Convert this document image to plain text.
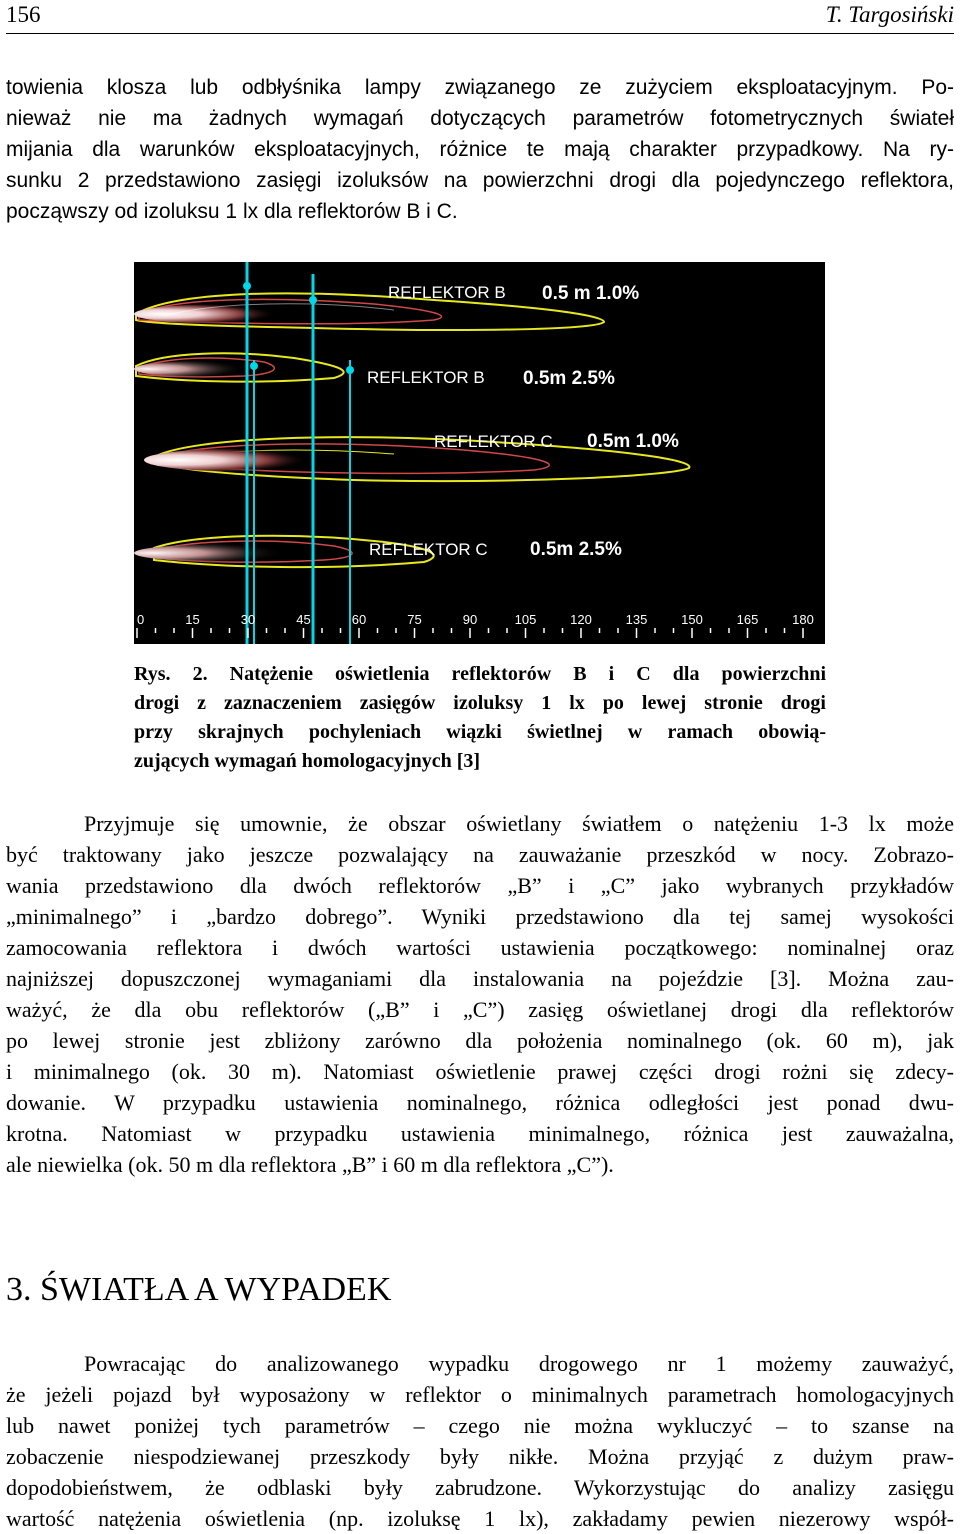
156	T. Targosiński
towienia klosza lub odbłyśnika lampy związanego ze zużyciem eksploatacyjnym. Po-
nieważ nie ma żadnych wymagań dotyczących parametrów fotometrycznych świateł
mijania dla warunków eksploatacyjnych, różnice te mają charakter przypadkowy. Na ry-
sunku 2 przedstawiono zasięgi izoluksów na powierzchni drogi dla pojedynczego reflektora,
począwszy od izoluksu 1 lx dla reflektorów B i C.
REFLEKTOR B 0.5 m 1.0%
REFLEKTOR B 0.5m 2.5%
REFLEKTOR C 0.5m 1.0%
REFLEKTOR C 0.5m 2.5%
0	15	30	45	60	75	90	105	120	135	150	165	180
Rys. 2. Natężenie oświetlenia reflektorów B i C dla powierzchni
drogi z zaznaczeniem zasięgów izoluksy 1 lx po lewej stronie drogi
przy skrajnych pochyleniach wiązki świetlnej w ramach obowią-
zujących wymagań homologacyjnych [3]
Przyjmuje się umownie, że obszar oświetlany światłem o natężeniu 1-3 lx może
być traktowany jako jeszcze pozwalający na zauważanie przeszkód w nocy. Zobrazo-
wania przedstawiono dla dwóch reflektorów „B” i „C” jako wybranych przykładów
„minimalnego” i „bardzo dobrego”. Wyniki przedstawiono dla tej samej wysokości
zamocowania reflektora i dwóch wartości ustawienia początkowego: nominalnej oraz
najniższej dopuszczonej wymaganiami dla instalowania na pojeździe [3]. Można zau-
ważyć, że dla obu reflektorów („B” i „C”) zasięg oświetlanej drogi dla reflektorów
po lewej stronie jest zbliżony zarówno dla położenia nominalnego (ok. 60 m), jak
i minimalnego (ok. 30 m). Natomiast oświetlenie prawej części drogi rożni się zdecy-
dowanie. W przypadku ustawienia nominalnego, różnica odległości jest ponad dwu-
krotna. Natomiast w przypadku ustawienia minimalnego, różnica jest zauważalna,
ale niewielka (ok. 50 m dla reflektora „B” i 60 m dla reflektora „C”).
3. ŚWIATŁA A WYPADEK
Powracając do analizowanego wypadku drogowego nr 1 możemy zauważyć,
że jeżeli pojazd był wyposażony w reflektor o minimalnych parametrach homologacyjnych
lub nawet poniżej tych parametrów – czego nie można wykluczyć – to szanse na
zobaczenie niespodziewanej przeszkody były nikłe. Można przyjąć z dużym praw-
dopodobieństwem, że odblaski były zabrudzone. Wykorzystując do analizy zasięgu
wartość natężenia oświetlenia (np. izoluksę 1 lx), zakładamy pewien niezerowy współ-
